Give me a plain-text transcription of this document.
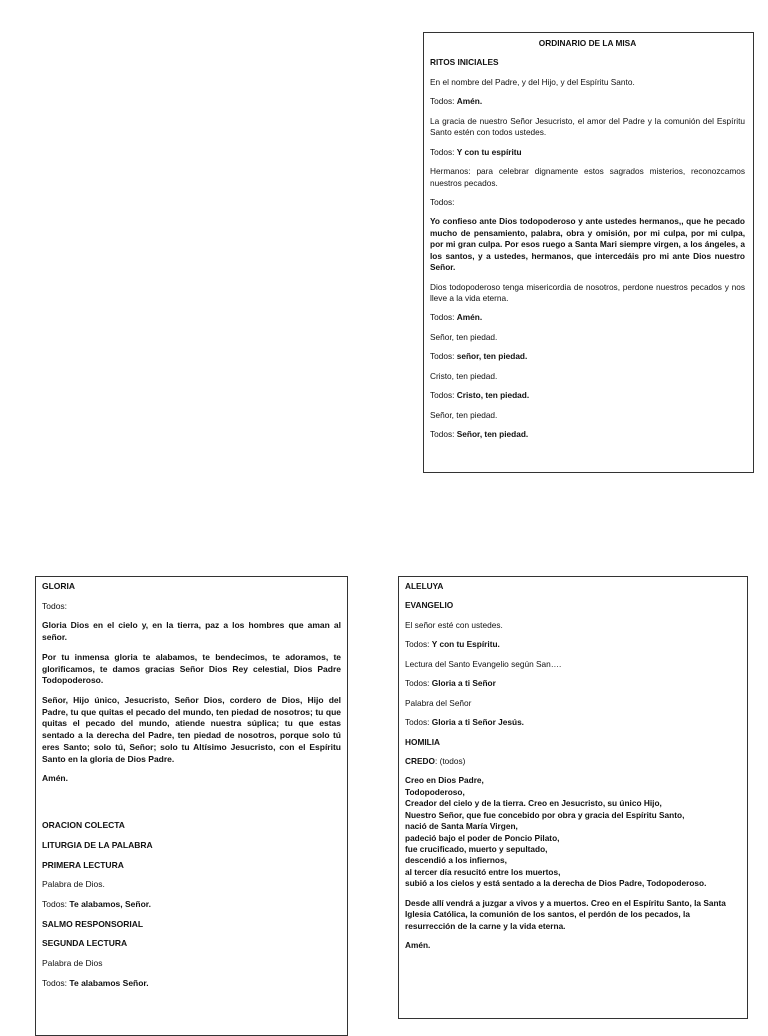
ORDINARIO DE LA MISA

RITOS INICIALES

En el nombre del Padre, y del Hijo, y del Espíritu Santo.

Todos: Amén.

La gracia de nuestro Señor Jesucristo, el amor del Padre y la comunión del Espíritu Santo estén con todos ustedes.

Todos: Y con tu espíritu

Hermanos: para celebrar dignamente estos sagrados misterios, reconozcamos nuestros pecados.

Todos:

Yo confieso ante Dios todopoderoso y ante ustedes hermanos,, que he pecado mucho de pensamiento, palabra, obra y omisión, por mi culpa, por mi culpa, por mi gran culpa. Por esos ruego a Santa Mari siempre virgen, a los ángeles, a los santos, y a ustedes, hermanos, que intercedáis pro mi ante Dios nuestro Señor.

Dios todopoderoso tenga misericordia de nosotros, perdone nuestros pecados y nos lleve a la vida eterna.

Todos: Amén.

Señor, ten piedad.

Todos: señor, ten piedad.

Cristo, ten piedad.

Todos: Cristo, ten piedad.

Señor, ten piedad.

Todos: Señor, ten piedad.

GLORIA

Todos:

Gloria Dios en el cielo y, en la tierra, paz a los hombres que aman al señor.

Por tu inmensa gloria te alabamos, te bendecimos, te adoramos, te glorificamos, te damos gracias Señor Dios Rey celestial, Dios Padre Todopoderoso.

Señor, Hijo único, Jesucristo, Señor Dios, cordero de Dios, Hijo del Padre, tu que quitas el pecado del mundo, ten piedad de nosotros; tu que quitas el pecado del mundo, atiende nuestra súplica; tu que estas sentado a la derecha del Padre, ten piedad de nosotros, porque solo tú eres Santo; solo tú, Señor; solo tu Altísimo Jesucristo, con el Espíritu Santo en la gloria de Dios Padre.

Amén.

ORACION COLECTA

LITURGIA DE LA PALABRA

PRIMERA LECTURA

Palabra de Dios.

Todos: Te alabamos, Señor.

SALMO RESPONSORIAL

SEGUNDA LECTURA

Palabra de Dios

Todos: Te alabamos Señor.

ALELUYA

EVANGELIO

El señor esté con ustedes.

Todos: Y con tu Espíritu.

Lectura del Santo Evangelio según San….

Todos: Gloria a ti Señor

Palabra del Señor

Todos: Gloria a ti Señor Jesús.

HOMILIA

CREDO: (todos)

Creo en Dios Padre,
Todopoderoso,
Creador del cielo y de la tierra. Creo en Jesucristo, su único Hijo,
Nuestro Señor, que fue concebido por obra y gracia del Espíritu Santo,
nació de Santa María Virgen,
padeció bajo el poder de Poncio Pilato,
fue crucificado, muerto y sepultado,
descendió a los infiernos,
al tercer día resucitó entre los muertos,
subió a los cielos y está sentado a la derecha de Dios Padre, Todopoderoso.

Desde allí vendrá a juzgar a vivos y a muertos. Creo en el Espíritu Santo, la Santa Iglesia Católica, la comunión de los santos, el perdón de los pecados, la resurrección de la carne y la vida eterna.

Amén.
